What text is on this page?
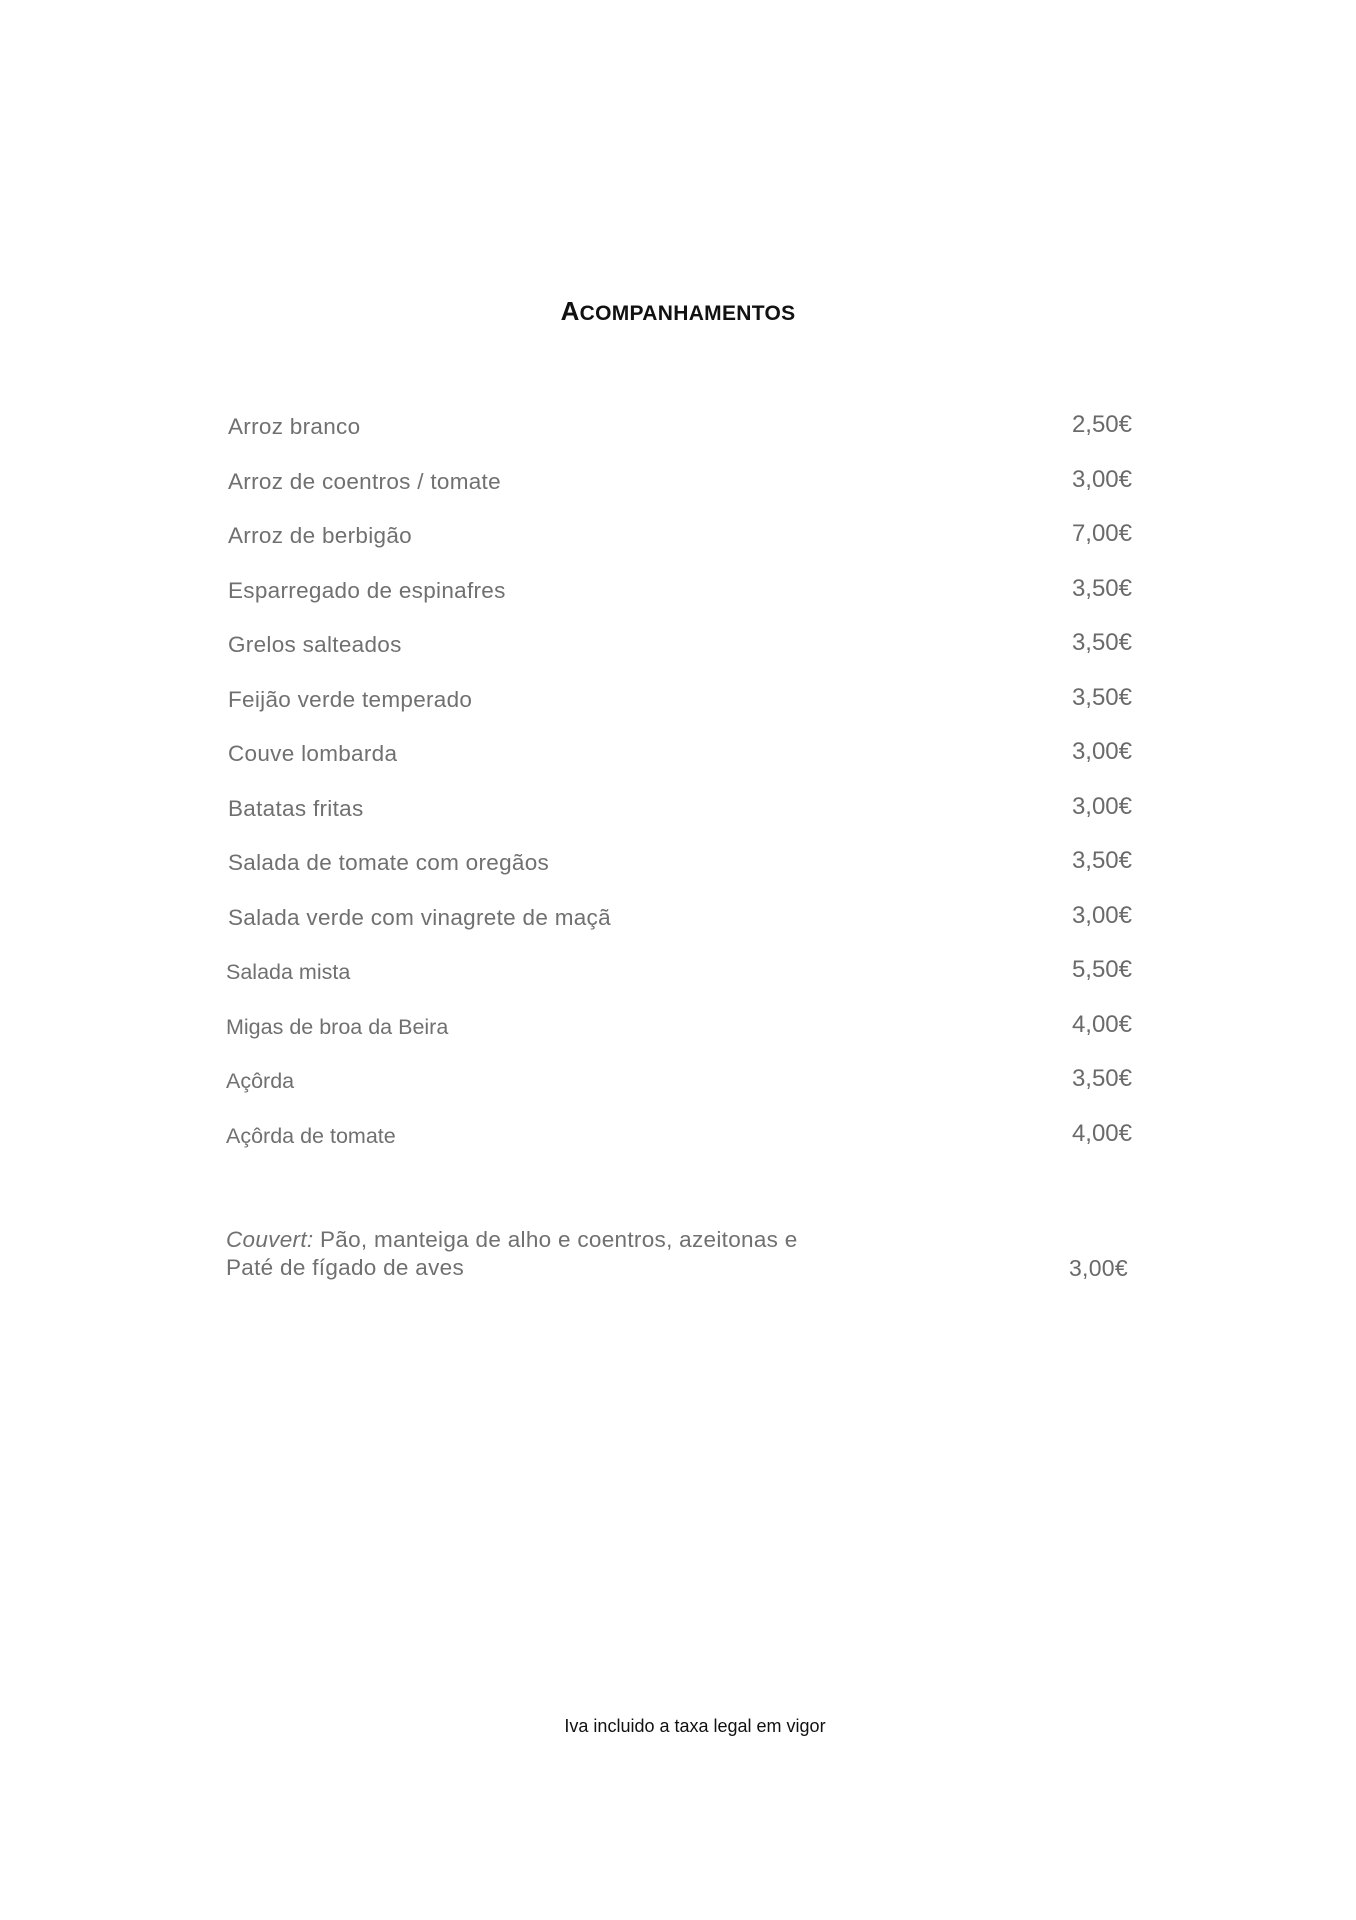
ACOMPANHAMENTOS
Arroz branco	2,50€
Arroz de coentros / tomate	3,00€
Arroz de berbigão	7,00€
Esparregado de espinafres	3,50€
Grelos salteados	3,50€
Feijão verde temperado	3,50€
Couve lombarda	3,00€
Batatas fritas	3,00€
Salada de tomate com oregãos	3,50€
Salada verde com vinagrete de maçã	3,00€
Salada mista	5,50€
Migas de broa da Beira	4,00€
Açôrda	3,50€
Açôrda de tomate	4,00€
Couvert: Pão, manteiga de alho e coentros, azeitonas e
Paté de fígado de aves	3,00€
Iva incluido a taxa legal em vigor
